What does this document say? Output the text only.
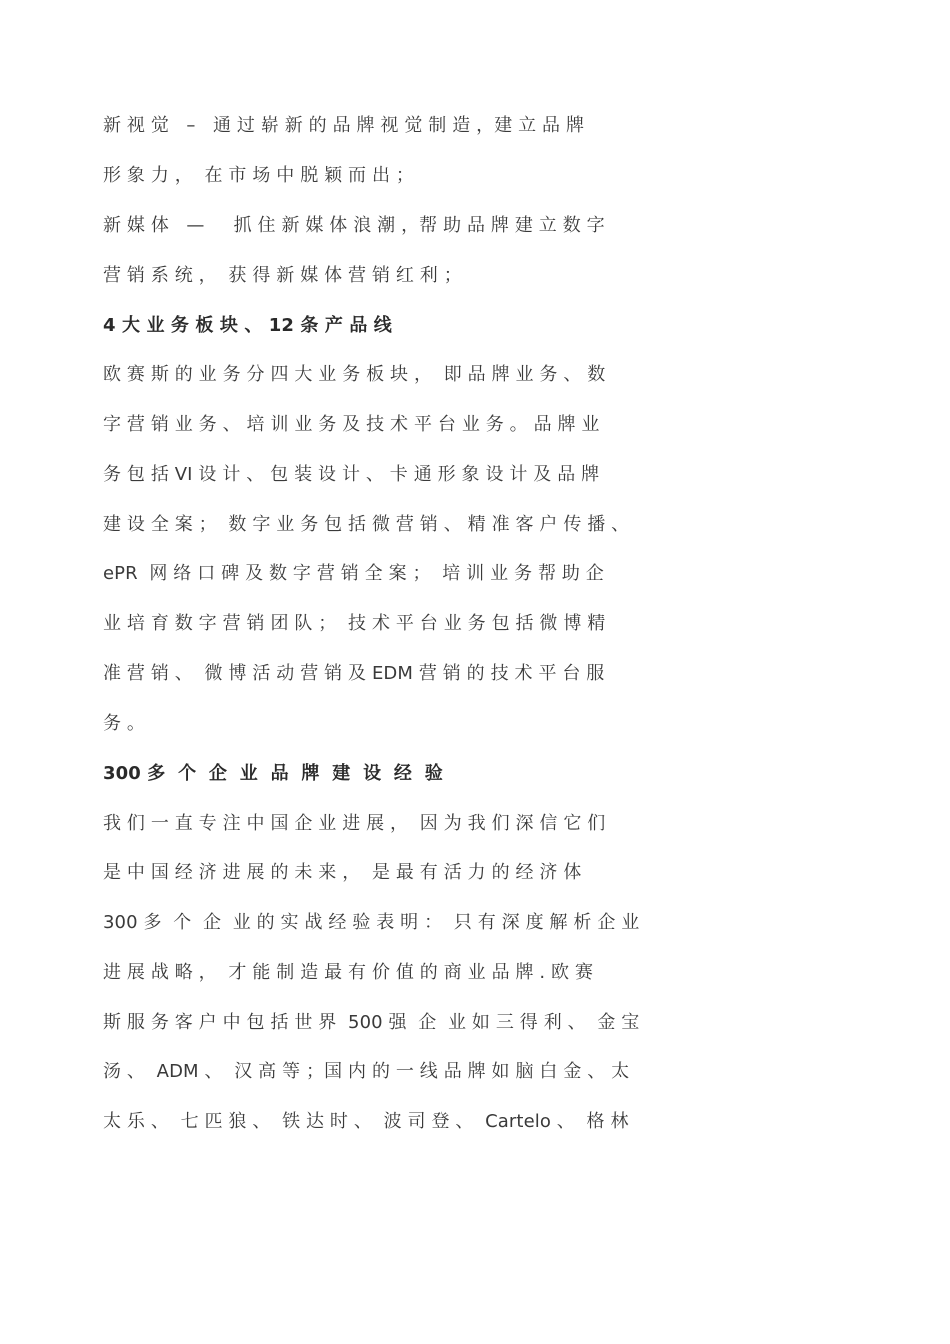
新 视 觉   –   通 过 崭 新 的 品 牌 视 觉 制 造 ，建 立 品 牌
形 象 力 ，  在 市 场 中 脱 颖 而 出 ；
新 媒 体   —     抓 住 新 媒 体 浪 潮 ，帮 助 品 牌 建 立 数 字
营 销 系 统 ，  获 得 新 媒 体 营 销 红 利 ；
4 大 业 务 板 块 、 12 条 产 品 线
欧 赛 斯 的 业 务 分 四 大 业 务 板 块 ，  即 品 牌 业 务 、 数
字 营 销 业 务 、 培 训 业 务 及 技 术 平 台 业 务 。 品 牌 业
务 包 括 VI 设 计 、 包 装 设 计 、 卡 通 形 象 设 计 及 品 牌
建 设 全 案 ；  数 字 业 务 包 括 微 营 销 、 精 准 客 户 传 播 、
ePR  网 络 口 碑 及 数 字 营 销 全 案 ；  培 训 业 务 帮 助 企
业 培 育 数 字 营 销 团 队 ；  技 术 平 台 业 务 包 括 微 博 精
准 营 销 、  微 博 活 动 营 销 及 EDM 营 销 的 技 术 平 台 服
务 。
300 多  个  企  业  品  牌  建  设  经  验
我 们 一 直 专 注 中 国 企 业 进 展 ，  因 为 我 们 深 信 它 们
是 中 国 经 济 进 展 的 未 来 ，  是 最 有 活 力 的 经 济 体
300 多  个  企  业 的 实 战 经 验 表 明 ：  只 有 深 度 解 析 企 业
进 展 战 略 ，  才 能 制 造 最 有 价 值 的 商 业 品 牌 . 欧 赛
斯 服 务 客 户 中 包 括 世 界  500 强  企  业 如 三 得 利 、  金 宝
汤 、  ADM 、  汉 高 等 ；国 内 的 一 线 品 牌 如 脑 白 金 、 太
太 乐 、  七 匹 狼 、  铁 达 时 、  波 司 登 、  Cartelo 、  格 林
